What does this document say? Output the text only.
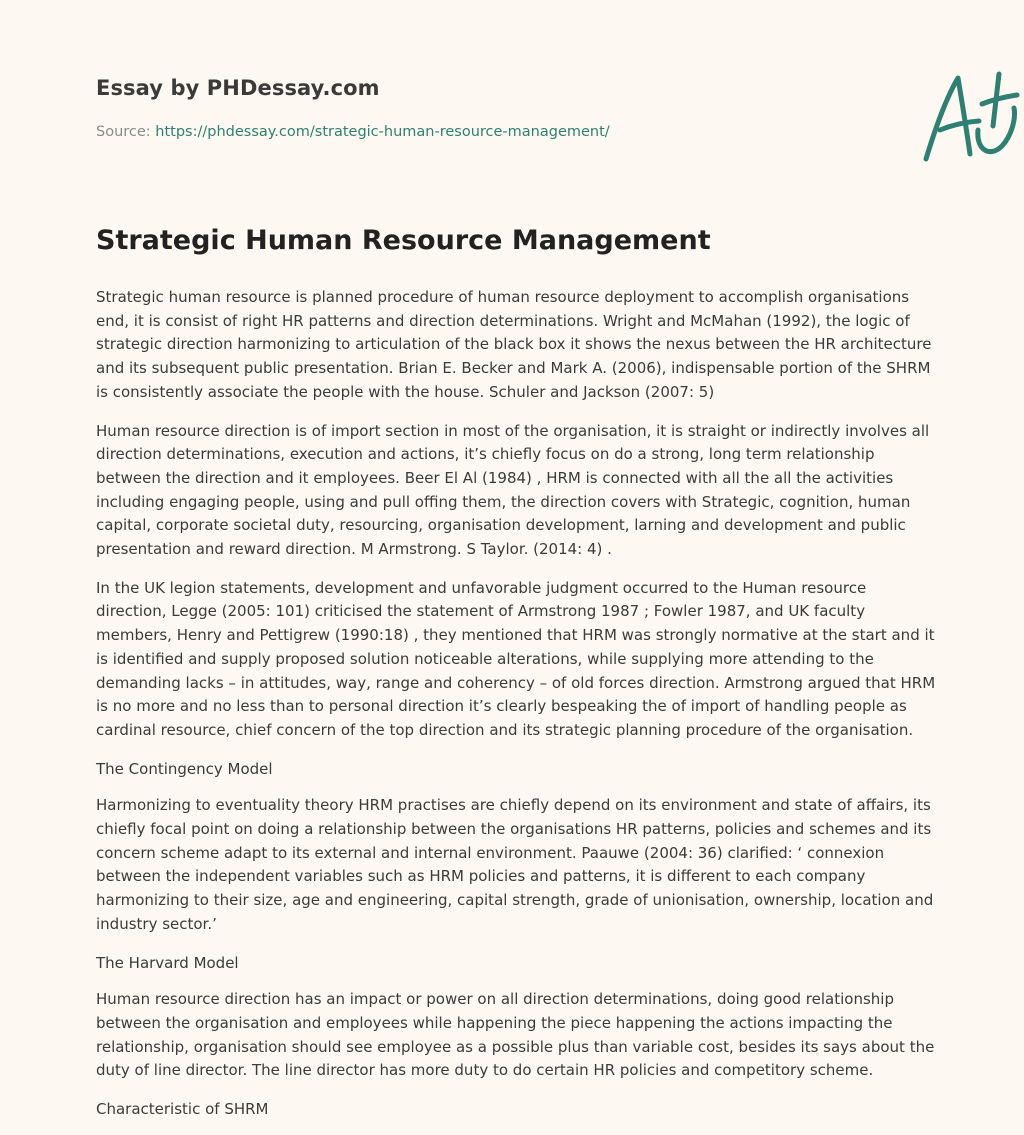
Essay by PHDessay.com
Source: https://phdessay.com/strategic-human-resource-management/
Strategic Human Resource Management

Strategic human resource is planned procedure of human resource deployment to accomplish organisations end, it is consist of right HR patterns and direction determinations. Wright and McMahan (1992), the logic of strategic direction harmonizing to articulation of the black box it shows the nexus between the HR architecture and its subsequent public presentation. Brian E. Becker and Mark A. (2006), indispensable portion of the SHRM is consistently associate the people with the house. Schuler and Jackson (2007: 5)

Human resource direction is of import section in most of the organisation, it is straight or indirectly involves all direction determinations, execution and actions, it’s chiefly focus on do a strong, long term relationship between the direction and it employees. Beer El Al (1984) , HRM is connected with all the all the activities including engaging people, using and pull offing them, the direction covers with Strategic, cognition, human capital, corporate societal duty, resourcing, organisation development, larning and development and public presentation and reward direction. M Armstrong. S Taylor. (2014: 4) .

In the UK legion statements, development and unfavorable judgment occurred to the Human resource direction, Legge (2005: 101) criticised the statement of Armstrong 1987 ; Fowler 1987, and UK faculty members, Henry and Pettigrew (1990:18) , they mentioned that HRM was strongly normative at the start and it is identified and supply proposed solution noticeable alterations, while supplying more attending to the demanding lacks – in attitudes, way, range and coherency – of old forces direction. Armstrong argued that HRM is no more and no less than to personal direction it’s clearly bespeaking the of import of handling people as cardinal resource, chief concern of the top direction and its strategic planning procedure of the organisation.

The Contingency Model

Harmonizing to eventuality theory HRM practises are chiefly depend on its environment and state of affairs, its chiefly focal point on doing a relationship between the organisations HR patterns, policies and schemes and its concern scheme adapt to its external and internal environment. Paauwe (2004: 36) clarified: ‘ connexion between the independent variables such as HRM policies and patterns, it is different to each company harmonizing to their size, age and engineering, capital strength, grade of unionisation, ownership, location and industry sector.’

The Harvard Model

Human resource direction has an impact or power on all direction determinations, doing good relationship between the organisation and employees while happening the piece happening the actions impacting the relationship, organisation should see employee as a possible plus than variable cost, besides its says about the duty of line director. The line director has more duty to do certain HR policies and competitory scheme.

Characteristic of SHRM
